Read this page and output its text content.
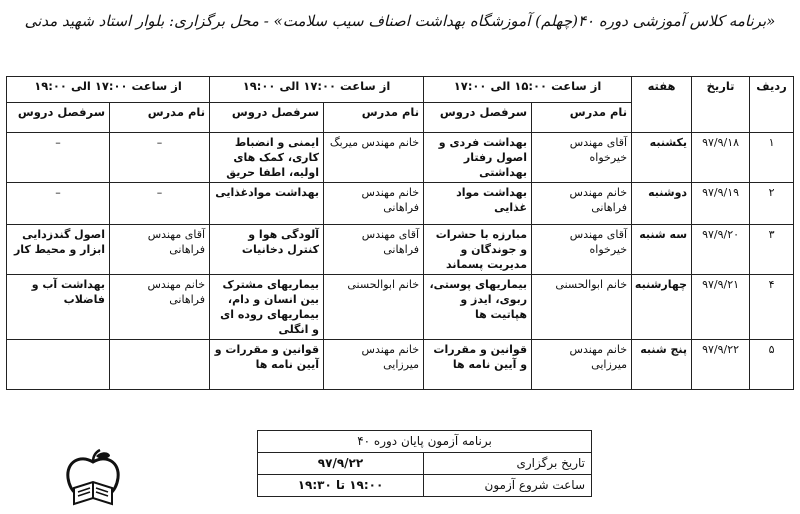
«برنامه کلاس آموزشی دوره ۴۰(چهلم) آموزشگاه بهداشت اصناف سیب سلامت» - محل برگزاری: بلوار استاد شهید مدنی
ردیف	تاریخ	هفته	از ساعت ۱۵:۰۰ الی ۱۷:۰۰		از ساعت ۱۷:۰۰ الی ۱۹:۰۰		از ساعت ۱۷:۰۰ الی ۱۹:۰۰	
			نام مدرس	سرفصل دروس	نام مدرس	سرفصل دروس	نام مدرس	سرفصل دروس
۱	۹۷/۹/۱۸	یکشنبه	آقای مهندس خیرخواه	بهداشت فردی و اصول رفتار بهداشتی	خانم مهندس میربگ	ایمنی و انضباط کاری، کمک های اولیه، اطفا حریق	–	–
۲	۹۷/۹/۱۹	دوشنبه	خانم مهندس فراهانی	بهداشت مواد غذایی	خانم مهندس فراهانی	بهداشت موادغذایی	–	–
۳	۹۷/۹/۲۰	سه شنبه	آقای مهندس خیرخواه	مبارزه با حشرات و جوندگان و مدیریت پسماند	آقای مهندس فراهانی	آلودگی هوا و کنترل دخانیات	آقای مهندس فراهانی	اصول گندزدایی ابزار و محیط کار
۴	۹۷/۹/۲۱	چهارشنبه	خانم ابوالحسنی	بیماریهای پوستی، ربوی، ایدز و هپاتیت ها	خانم ابوالحسنی	بیماریهای مشترک بین انسان و دام، بیماریهای روده ای و انگلی	خانم مهندس فراهانی	بهداشت آب و فاضلاب
۵	۹۷/۹/۲۲	پنج شنبه	خانم مهندس میرزایی	قوانین و مقررات و آیین نامه ها	خانم مهندس میرزایی	قوانین و مقررات و آیین نامه ها		
برنامه آزمون پایان دوره ۴۰	
تاریخ برگزاری	۹۷/۹/۲۲
ساعت شروع آزمون	۱۹:۰۰ تا ۱۹:۳۰
